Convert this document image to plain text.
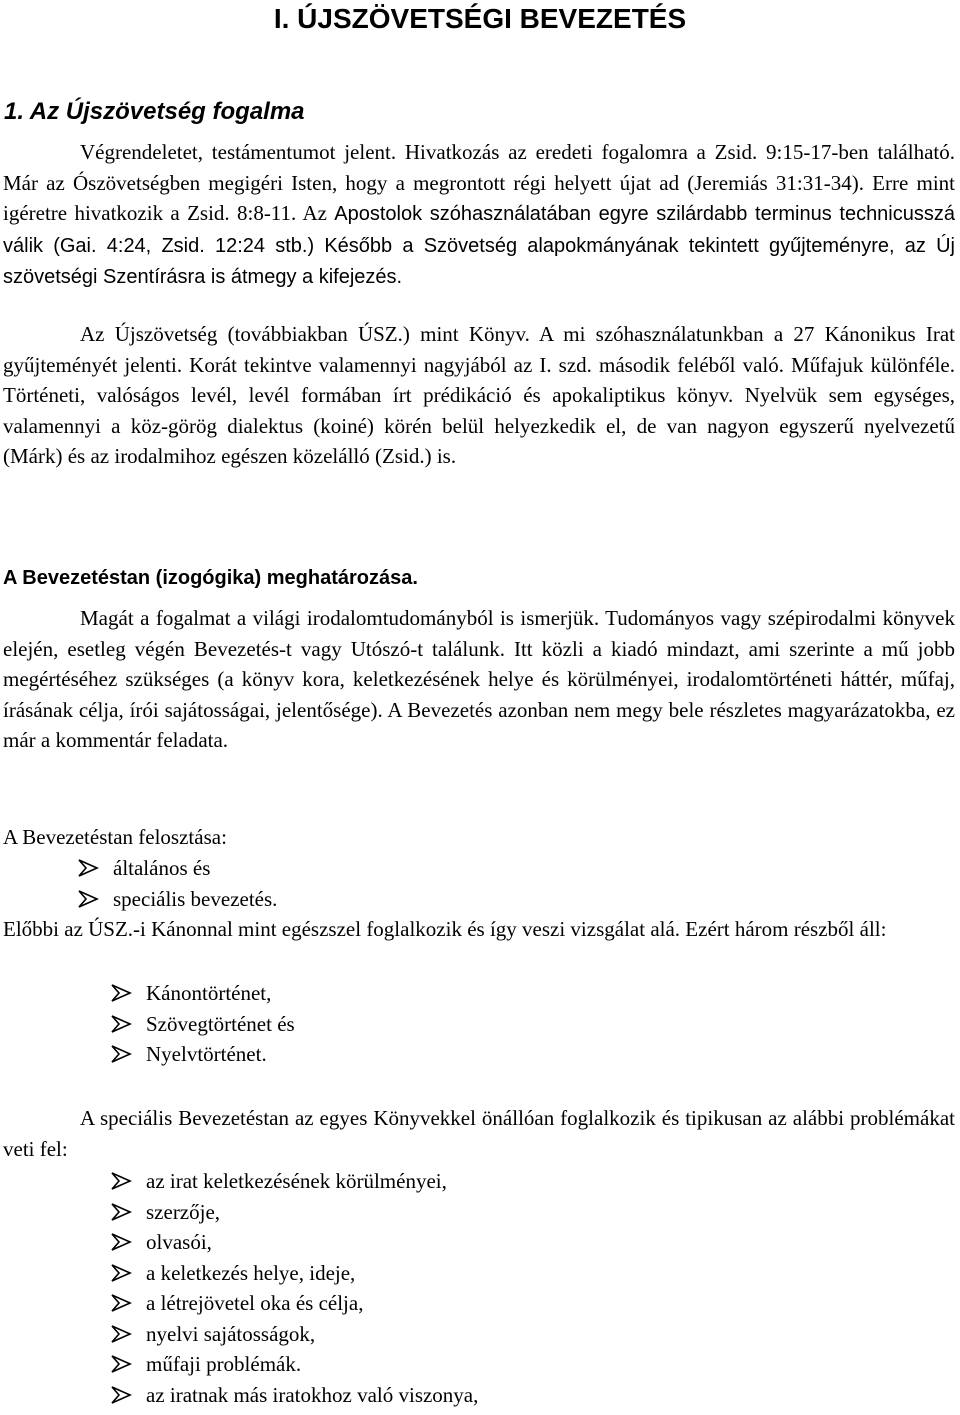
I. ÚJSZÖVETSÉGI BEVEZETÉS
1. Az Újszövetség fogalma

Végrendeletet, testámentumot jelent. Hivatkozás az eredeti fogalomra a Zsid. 9:15-17-ben található. Már az Ószövetségben megigéri Isten, hogy a megrontott régi helyett újat ad (Jeremiás 31:31-34). Erre mint igéretre hivatkozik a Zsid. 8:8-11. Az Apostolok szóhasználatában egyre szilárdabb terminus technicusszá válik (Gai. 4:24, Zsid. 12:24 stb.) Később a Szövetség alapokmányának tekintett gyűjteményre, az Új szövetségi Szentírásra is átmegy a kifejezés.

Az Újszövetség (továbbiakban ÚSZ.) mint Könyv. A mi szóhasználatunkban a 27 Kánonikus Irat gyűjteményét jelenti. Korát tekintve valamennyi nagyjából az I. szd. második feléből való. Műfajuk különféle. Történeti, valóságos levél, levél formában írt prédikáció és apokaliptikus könyv. Nyelvük sem egységes, valamennyi a köz-görög dialektus (koiné) körén belül helyezkedik el, de van nagyon egyszerű nyelvezetű (Márk) és az irodalmihoz egészen közelálló (Zsid.) is.

A Bevezetéstan (izogógika) meghatározása.

Magát a fogalmat a világi irodalomtudományból is ismerjük. Tudományos vagy szépirodalmi könyvek elején, esetleg végén Bevezetés-t vagy Utószó-t találunk. Itt közli a kiadó mindazt, ami szerinte a mű jobb megértéséhez szükséges (a könyv kora, keletkezésének helye és körülményei, irodalomtörténeti háttér, műfaj, írásának célja, írói sajátosságai, jelentősége). A Bevezetés azonban nem megy bele részletes magyarázatokba, ez már a kommentár feladata.

A Bevezetéstan felosztása:

általános és
speciális bevezetés.

Előbbi az ÚSZ.-i Kánonnal mint egészszel foglalkozik és így veszi vizsgálat alá. Ezért három részből áll:

Kánontörténet,
Szövegtörténet és
Nyelvtörténet.

A speciális Bevezetéstan az egyes Könyvekkel önállóan foglalkozik és tipikusan az alábbi problémákat veti fel:

az irat keletkezésének körülményei,
szerzője,
olvasói,
a keletkezés helye, ideje,
a létrejövetel oka és célja,
nyelvi sajátosságok,
műfaji problémák.
az iratnak más iratokhoz való viszonya,
